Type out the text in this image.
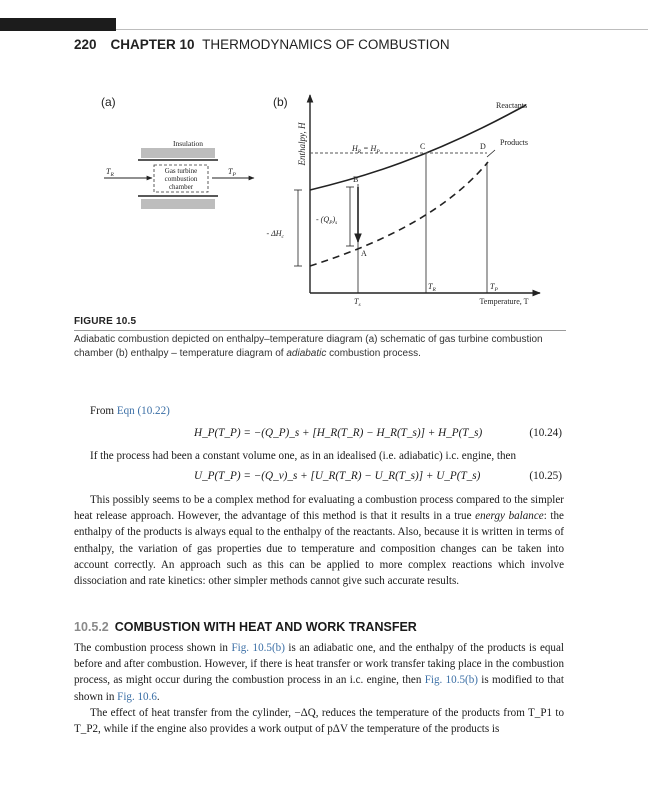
220 CHAPTER 10 THERMODYNAMICS OF COMBUSTION
(a)
Insulation
Gas turbine
combustion
chamber
$T_R$	$T_P$
(b)
Enthalpy, H
Temperature, T
Reactants
Products
$H_R = H_P$
- $\Delta H_c$
- $(Q_P)_s$
B
A
C	D
$T_s$
$T_R$	$T_P$
FIGURE 10.5
Adiabatic combustion depicted on enthalpy–temperature diagram (a) schematic of gas turbine combustion chamber (b) enthalpy – temperature diagram of adiabatic combustion process.

From Eqn (10.22)

H_P(T_P) = −(Q_P)_s + [H_R(T_R) − H_R(T_s)] + H_P(T_s)	(10.24)

If the process had been a constant volume one, as in an idealised (i.e. adiabatic) i.c. engine, then

U_P(T_P) = −(Q_v)_s + [U_R(T_R) − U_R(T_s)] + U_P(T_s)	(10.25)

This possibly seems to be a complex method for evaluating a combustion process compared to the simpler heat release approach. However, the advantage of this method is that it results in a true energy balance: the enthalpy of the products is always equal to the enthalpy of the reactants. Also, because it is written in terms of enthalpy, the variation of gas properties due to temperature and composition changes can be taken into account correctly. An approach such as this can be applied to more complex reactions which involve dissociation and rate kinetics: other simpler methods cannot give such accurate results.

10.5.2 COMBUSTION WITH HEAT AND WORK TRANSFER

The combustion process shown in Fig. 10.5(b) is an adiabatic one, and the enthalpy of the products is equal before and after combustion. However, if there is heat transfer or work transfer taking place in the combustion process, as might occur during the combustion process in an i.c. engine, then Fig. 10.5(b) is modified to that shown in Fig. 10.6.

The effect of heat transfer from the cylinder, −ΔQ, reduces the temperature of the products from T_P1 to T_P2, while if the engine also provides a work output of pΔV the temperature of the products is
